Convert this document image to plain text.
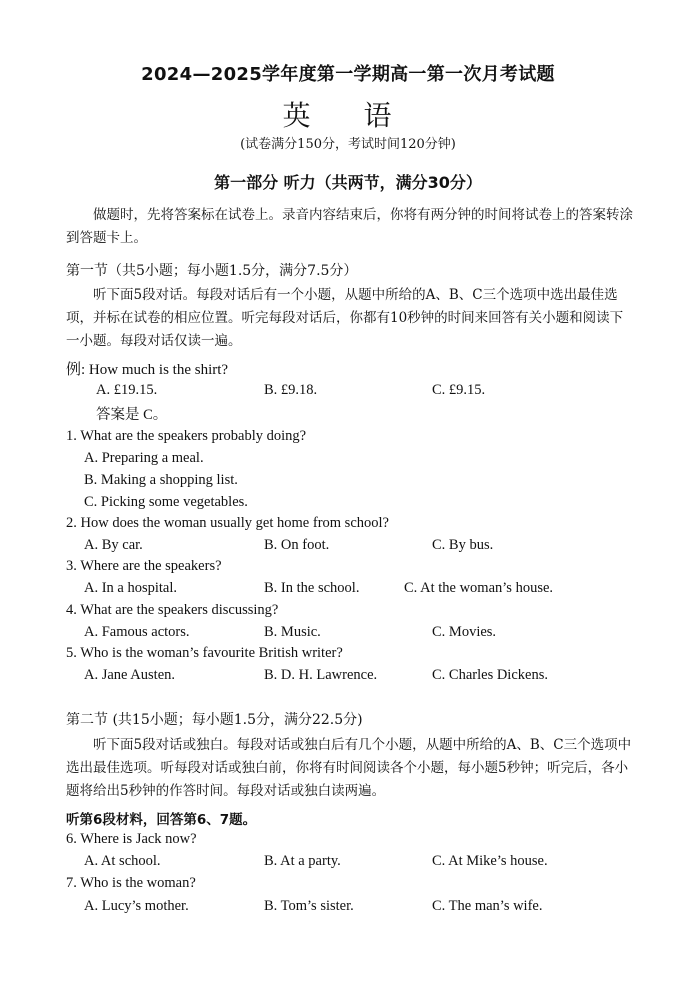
2024—2025学年度第一学期高一第一次月考试题
英 语
(试卷满分150分，考试时间120分钟)
第一部分 听力（共两节，满分30分）
做题时，先将答案标在试卷上。录音内容结束后，你将有两分钟的时间将试卷上的答案转涂到答题卡上。
第一节（共5小题；每小题1.5分，满分7.5分）
听下面5段对话。每段对话后有一个小题，从题中所给的A、B、C三个选项中选出最佳选项，并标在试卷的相应位置。听完每段对话后，你都有10秒钟的时间来回答有关小题和阅读下一小题。每段对话仅读一遍。
例: How much is the shirt?
A. £19.15.	B. £9.18.	C. £9.15.
答案是 C。
1. What are the speakers probably doing?
A. Preparing a meal.
B. Making a shopping list.
C. Picking some vegetables.
2. How does the woman usually get home from school?
A. By car.	B. On foot.	C. By bus.
3. Where are the speakers?
A. In a hospital.	B. In the school.	C. At the woman’s house.
4. What are the speakers discussing?
A. Famous actors.	B. Music.	C. Movies.
5. Who is the woman’s favourite British writer?
A. Jane Austen.	B. D. H. Lawrence.	C. Charles Dickens.
第二节 (共15小题；每小题1.5分，满分22.5分)
听下面5段对话或独白。每段对话或独白后有几个小题，从题中所给的A、B、C三个选项中选出最佳选项。听每段对话或独白前，你将有时间阅读各个小题，每小题5秒钟；听完后，各小题将给出5秒钟的作答时间。每段对话或独白读两遍。
听第6段材料，回答第6、7题。
6. Where is Jack now?
A. At school.	B. At a party.	C. At Mike’s house.
7. Who is the woman?
A. Lucy’s mother.	B. Tom’s sister.	C. The man’s wife.
